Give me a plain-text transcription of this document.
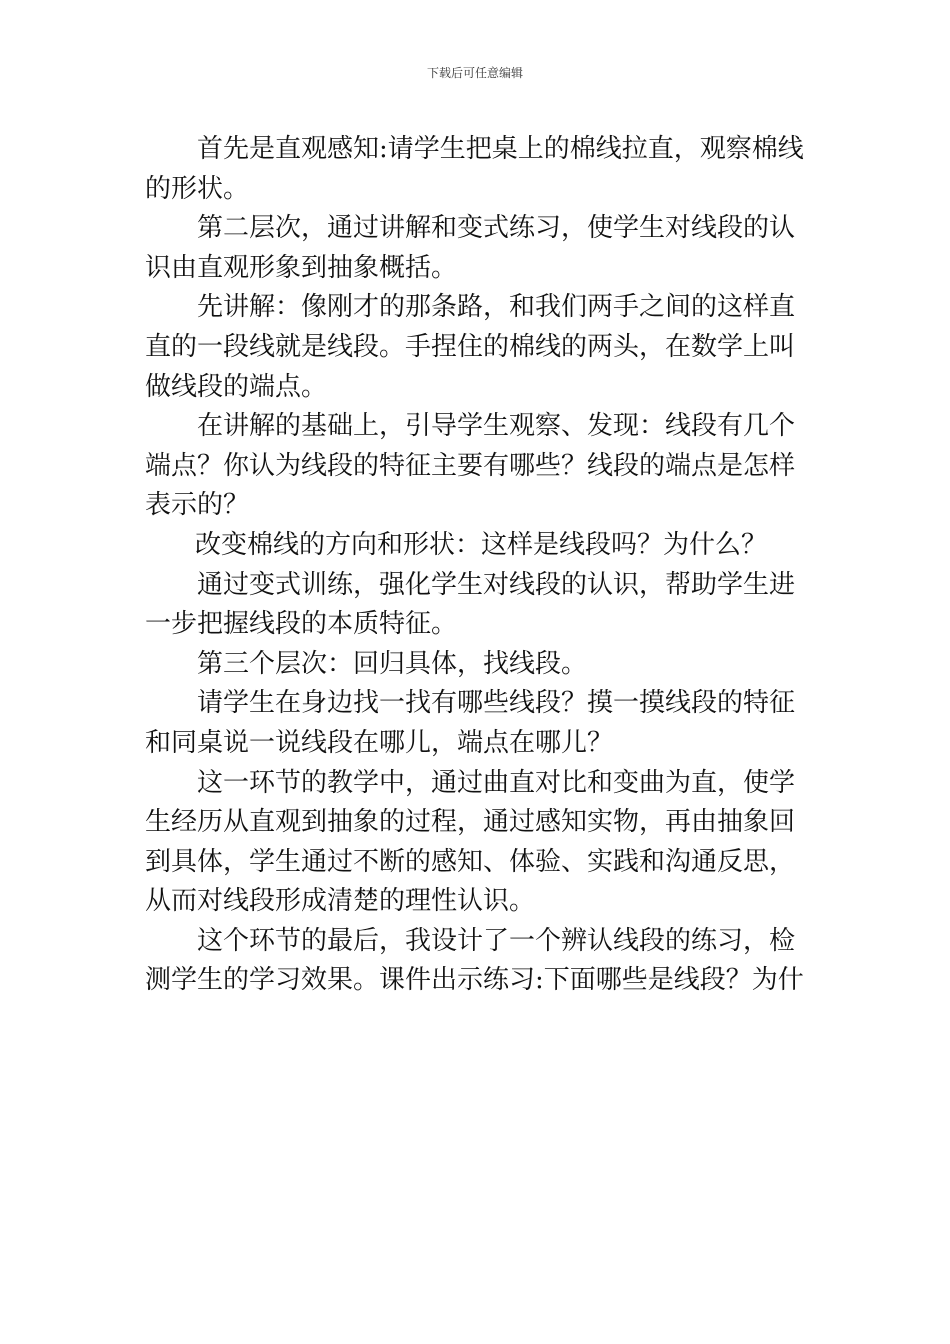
下载后可任意编辑
首先是直观感知:请学生把桌上的棉线拉直，观察棉线
的形状。
第二层次，通过讲解和变式练习，使学生对线段的认
识由直观形象到抽象概括。
先讲解：像刚才的那条路，和我们两手之间的这样直
直的一段线就是线段。手捏住的棉线的两头，在数学上叫
做线段的端点。
在讲解的基础上，引导学生观察、发现：线段有几个
端点？你认为线段的特征主要有哪些？线段的端点是怎样
表示的？
改变棉线的方向和形状：这样是线段吗？为什么？
通过变式训练，强化学生对线段的认识，帮助学生进
一步把握线段的本质特征。
第三个层次：回归具体，找线段。
请学生在身边找一找有哪些线段？摸一摸线段的特征
和同桌说一说线段在哪儿，端点在哪儿？
这一环节的教学中，通过曲直对比和变曲为直，使学
生经历从直观到抽象的过程，通过感知实物，再由抽象回
到具体，学生通过不断的感知、体验、实践和沟通反思，
从而对线段形成清楚的理性认识。
这个环节的最后，我设计了一个辨认线段的练习，检
测学生的学习效果。课件出示练习:下面哪些是线段？为什
